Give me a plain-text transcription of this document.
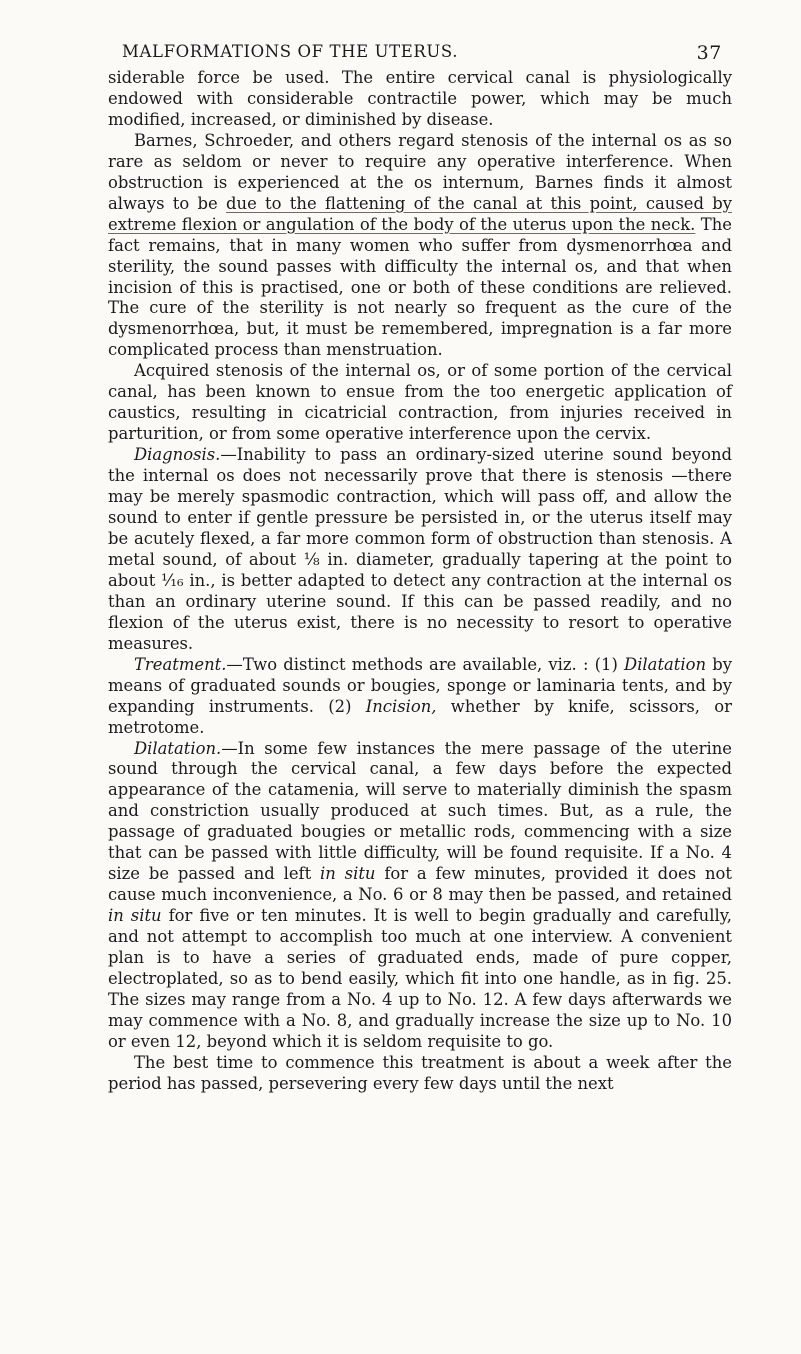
MALFORMATIONS OF THE UTERUS.	37

siderable force be used. The entire cervical canal is physiologically endowed with considerable contractile power, which may be much modified, increased, or diminished by disease.

Barnes, Schroeder, and others regard stenosis of the internal os as so rare as seldom or never to require any operative interference. When obstruction is experienced at the os internum, Barnes finds it almost always to be due to the flattening of the canal at this point, caused by extreme flexion or angulation of the body of the uterus upon the neck. The fact remains, that in many women who suffer from dysmenorrhœa and sterility, the sound passes with difficulty the internal os, and that when incision of this is practised, one or both of these conditions are relieved. The cure of the sterility is not nearly so frequent as the cure of the dysmenorrhœa, but, it must be remembered, impregnation is a far more complicated process than menstruation.

Acquired stenosis of the internal os, or of some portion of the cervical canal, has been known to ensue from the too energetic application of caustics, resulting in cicatricial contraction, from injuries received in parturition, or from some operative interference upon the cervix.

Diagnosis.—Inability to pass an ordinary-sized uterine sound beyond the internal os does not necessarily prove that there is stenosis —there may be merely spasmodic contraction, which will pass off, and allow the sound to enter if gentle pressure be persisted in, or the uterus itself may be acutely flexed, a far more common form of obstruction than stenosis. A metal sound, of about ⅛ in. diameter, gradually tapering at the point to about ¹⁄₁₆ in., is better adapted to detect any contraction at the internal os than an ordinary uterine sound. If this can be passed readily, and no flexion of the uterus exist, there is no necessity to resort to operative measures.

Treatment.—Two distinct methods are available, viz. : (1) Dilatation by means of graduated sounds or bougies, sponge or laminaria tents, and by expanding instruments. (2) Incision, whether by knife, scissors, or metrotome.

Dilatation.—In some few instances the mere passage of the uterine sound through the cervical canal, a few days before the expected appearance of the catamenia, will serve to materially diminish the spasm and constriction usually produced at such times. But, as a rule, the passage of graduated bougies or metallic rods, commencing with a size that can be passed with little difficulty, will be found requisite. If a No. 4 size be passed and left in situ for a few minutes, provided it does not cause much inconvenience, a No. 6 or 8 may then be passed, and retained in situ for five or ten minutes. It is well to begin gradually and carefully, and not attempt to accomplish too much at one interview. A convenient plan is to have a series of graduated ends, made of pure copper, electroplated, so as to bend easily, which fit into one handle, as in fig. 25. The sizes may range from a No. 4 up to No. 12. A few days afterwards we may commence with a No. 8, and gradually increase the size up to No. 10 or even 12, beyond which it is seldom requisite to go.

The best time to commence this treatment is about a week after the period has passed, persevering every few days until the next
